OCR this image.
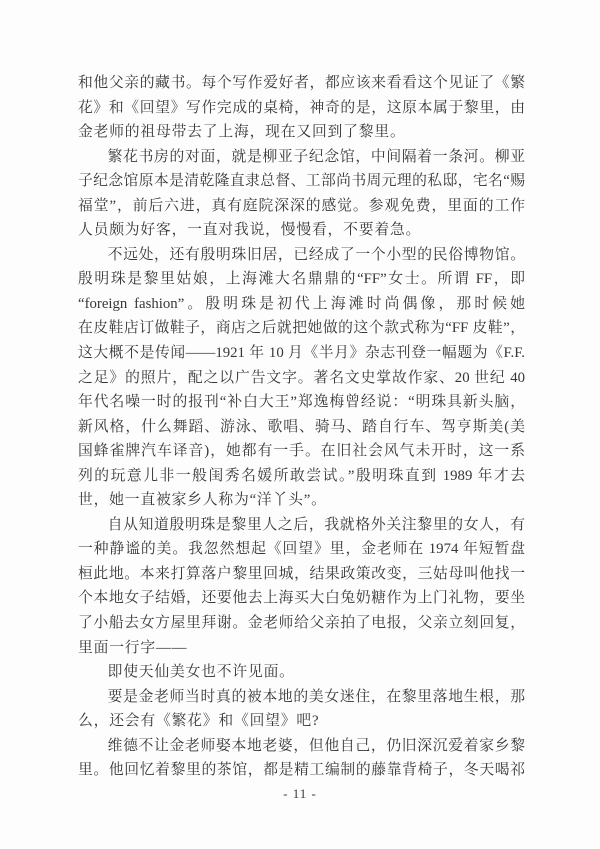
和他父亲的藏书。每个写作爱好者，都应该来看看这个见证了《繁
花》和《回望》写作完成的桌椅，神奇的是，这原本属于黎里，由
金老师的祖母带去了上海，现在又回到了黎里。
繁花书房的对面，就是柳亚子纪念馆，中间隔着一条河。柳亚
子纪念馆原本是清乾隆直隶总督、工部尚书周元理的私邸，宅名“赐
福堂”，前后六进，真有庭院深深的感觉。参观免费，里面的工作
人员颇为好客，一直对我说，慢慢看，不要着急。
不远处，还有殷明珠旧居，已经成了一个小型的民俗博物馆。
殷明珠是黎里姑娘，上海滩大名鼎鼎的“FF”女士。所谓 FF，即
“foreign fashion”。殷明珠是初代上海滩时尚偶像，那时候她
在皮鞋店订做鞋子，商店之后就把她做的这个款式称为“FF 皮鞋”，
这大概不是传闻——1921 年 10 月《半月》杂志刊登一幅题为《F.F.
之足》的照片，配之以广告文字。著名文史掌故作家、20 世纪 40
年代名噪一时的报刊“补白大王”郑逸梅曾经说：“明珠具新头脑，
新风格，什么舞蹈、游泳、歌唱、骑马、踏自行车、驾亨斯美(美
国蜂雀牌汽车译音)，她都有一手。在旧社会风气未开时，这一系
列的玩意儿非一般闺秀名媛所敢尝试。”殷明珠直到 1989 年才去
世，她一直被家乡人称为“洋丫头”。
自从知道殷明珠是黎里人之后，我就格外关注黎里的女人，有
一种静谧的美。我忽然想起《回望》里，金老师在 1974 年短暂盘
桓此地。本来打算落户黎里回城，结果政策改变，三姑母叫他找一
个本地女子结婚，还要他去上海买大白兔奶糖作为上门礼物，要坐
了小船去女方屋里拜谢。金老师给父亲拍了电报，父亲立刻回复，
里面一行字——
即使天仙美女也不许见面。
要是金老师当时真的被本地的美女迷住，在黎里落地生根，那
么，还会有《繁花》和《回望》吧?
维德不让金老师娶本地老婆，但他自己，仍旧深沉爱着家乡黎
里。他回忆着黎里的茶馆，都是精工编制的藤靠背椅子，冬天喝祁
- 11 -
